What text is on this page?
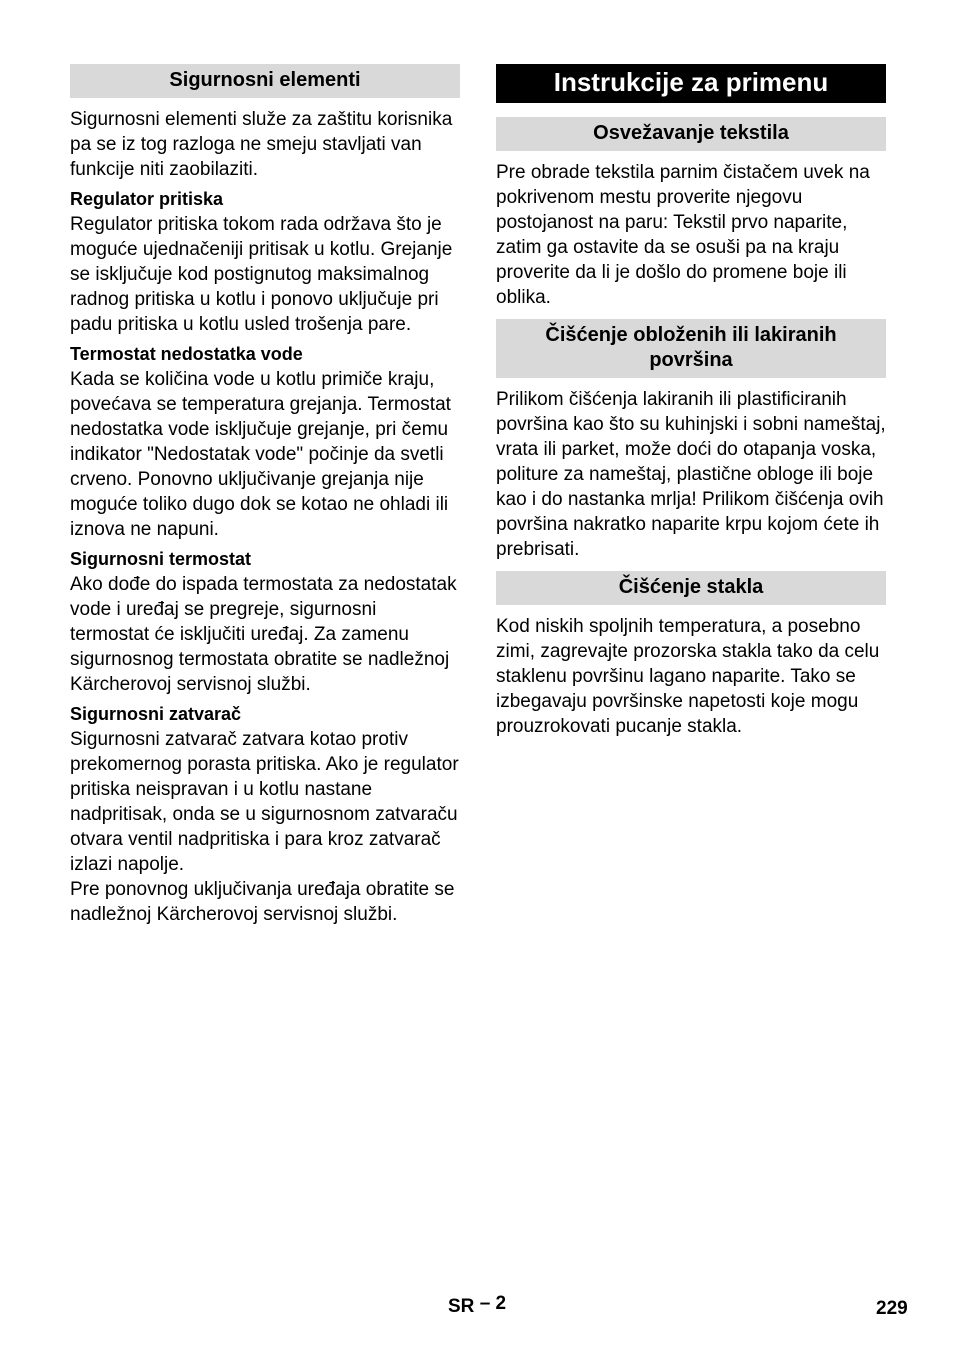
Sigurnosni elementi

Sigurnosni elementi služe za zaštitu korisnika pa se iz tog razloga ne smeju stavljati van funkcije niti zaobilaziti.

Regulator pritiska

Regulator pritiska tokom rada održava što je moguće ujednačeniji pritisak u kotlu. Grejanje se isključuje kod postignutog maksimalnog radnog pritiska u kotlu i ponovo uključuje pri padu pritiska u kotlu usled trošenja pare.

Termostat nedostatka vode

Kada se količina vode u kotlu primiče kraju, povećava se temperatura grejanja. Termostat nedostatka vode isključuje grejanje, pri čemu indikator "Nedostatak vode" počinje da svetli crveno. Ponovno uključivanje grejanja nije moguće toliko dugo dok se kotao ne ohladi ili iznova ne napuni.

Sigurnosni termostat

Ako dođe do ispada termostata za nedostatak vode i uređaj se pregreje, sigurnosni termostat će isključiti uređaj. Za zamenu sigurnosnog termostata obratite se nadležnoj Kärcherovoj servisnoj službi.

Sigurnosni zatvarač

Sigurnosni zatvarač zatvara kotao protiv prekomernog porasta pritiska. Ako je regulator pritiska neispravan i u kotlu nastane nadpritisak, onda se u sigurnosnom zatvaraču otvara ventil nadpritiska i para kroz zatvarač izlazi napolje.

Pre ponovnog uključivanja uređaja obratite se nadležnoj Kärcherovoj servisnoj službi.

Instrukcije za primenu
Osvežavanje tekstila

Pre obrade tekstila parnim čistačem uvek na pokrivenom mestu proverite njegovu postojanost na paru: Tekstil prvo naparite, zatim ga ostavite da se osuši pa na kraju proverite da li je došlo do promene boje ili oblika.

Čišćenje obloženih ili lakiranih površina

Prilikom čišćenja lakiranih ili plastificiranih površina kao što su kuhinjski i sobni nameštaj, vrata ili parket, može doći do otapanja voska, politure za nameštaj, plastične obloge ili boje kao i do nastanka mrlja! Prilikom čišćenja ovih površina nakratko naparite krpu kojom ćete ih prebrisati.

Čišćenje stakla

Kod niskih spoljnih temperatura, a posebno zimi, zagrevajte prozorska stakla tako da celu staklenu površinu lagano naparite. Tako se izbegavaju površinske napetosti koje mogu prouzrokovati pucanje stakla.

SR – 2	229
